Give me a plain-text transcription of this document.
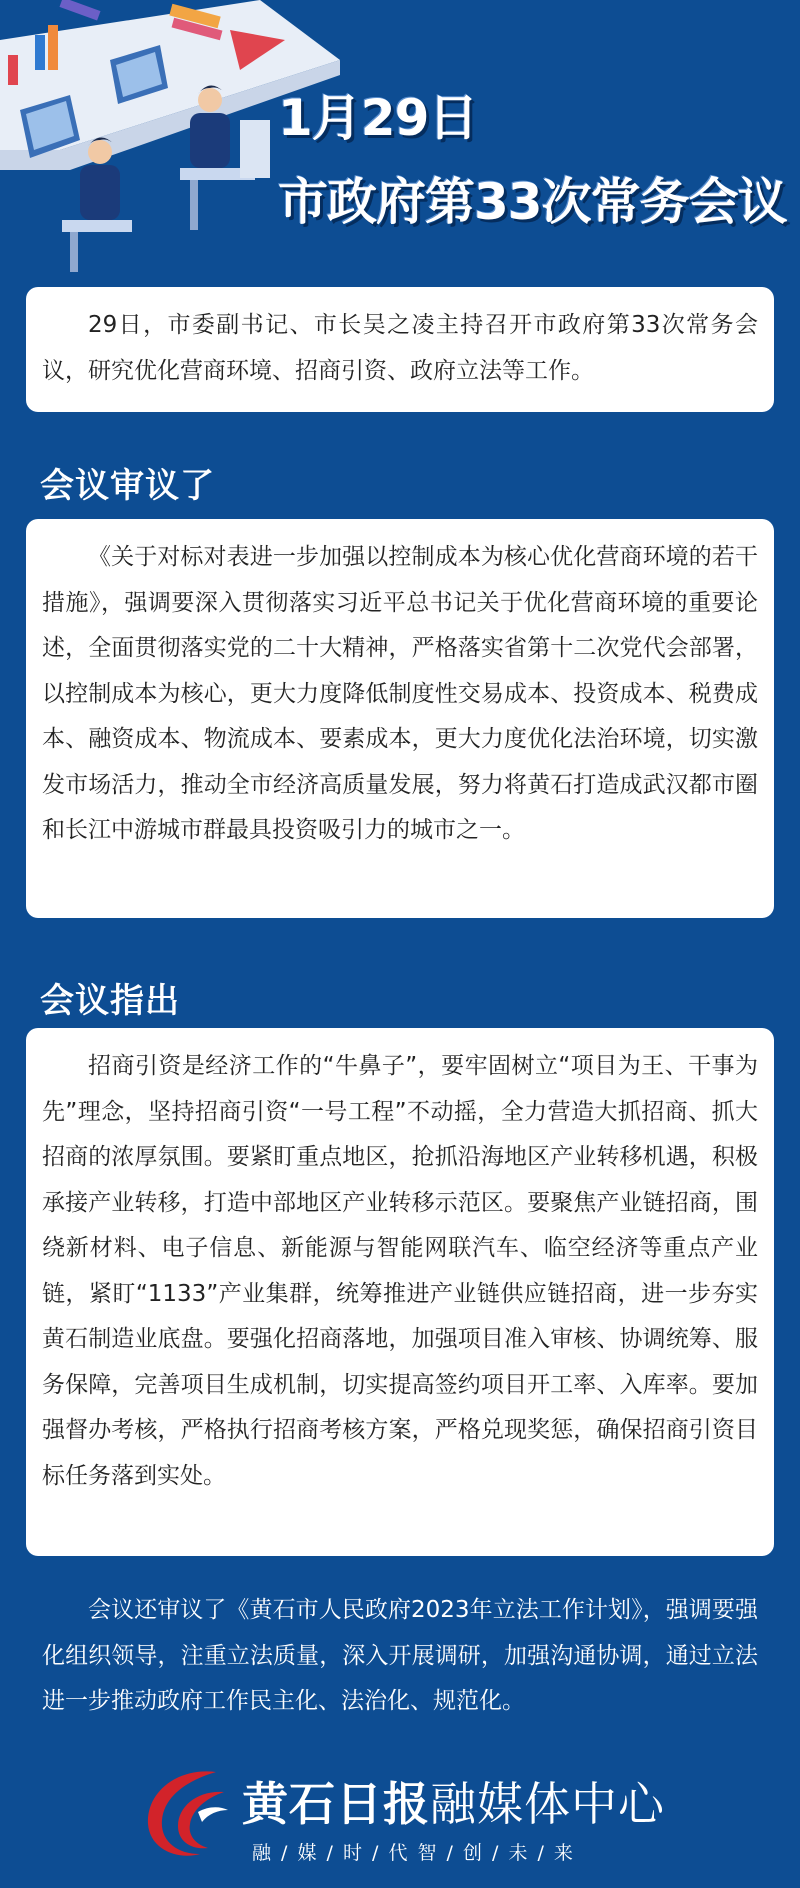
1月29日
市政府第33次常务会议

29日，市委副书记、市长吴之凌主持召开市政府第33次常务会议，研究优化营商环境、招商引资、政府立法等工作。

会议审议了

《关于对标对表进一步加强以控制成本为核心优化营商环境的若干措施》，强调要深入贯彻落实习近平总书记关于优化营商环境的重要论述，全面贯彻落实党的二十大精神，严格落实省第十二次党代会部署，以控制成本为核心，更大力度降低制度性交易成本、投资成本、税费成本、融资成本、物流成本、要素成本，更大力度优化法治环境，切实激发市场活力，推动全市经济高质量发展，努力将黄石打造成武汉都市圈和长江中游城市群最具投资吸引力的城市之一。

会议指出

招商引资是经济工作的“牛鼻子”，要牢固树立“项目为王、干事为先”理念，坚持招商引资“一号工程”不动摇，全力营造大抓招商、抓大招商的浓厚氛围。要紧盯重点地区，抢抓沿海地区产业转移机遇，积极承接产业转移，打造中部地区产业转移示范区。要聚焦产业链招商，围绕新材料、电子信息、新能源与智能网联汽车、临空经济等重点产业链，紧盯“1133”产业集群，统筹推进产业链供应链招商，进一步夯实黄石制造业底盘。要强化招商落地，加强项目准入审核、协调统筹、服务保障，完善项目生成机制，切实提高签约项目开工率、入库率。要加强督办考核，严格执行招商考核方案，严格兑现奖惩，确保招商引资目标任务落到实处。

会议还审议了《黄石市人民政府2023年立法工作计划》，强调要强化组织领导，注重立法质量，深入开展调研，加强沟通协调，通过立法进一步推动政府工作民主化、法治化、规范化。

黄石日报融媒体中心
融 / 媒 / 时 / 代 智 / 创 / 未 / 来
